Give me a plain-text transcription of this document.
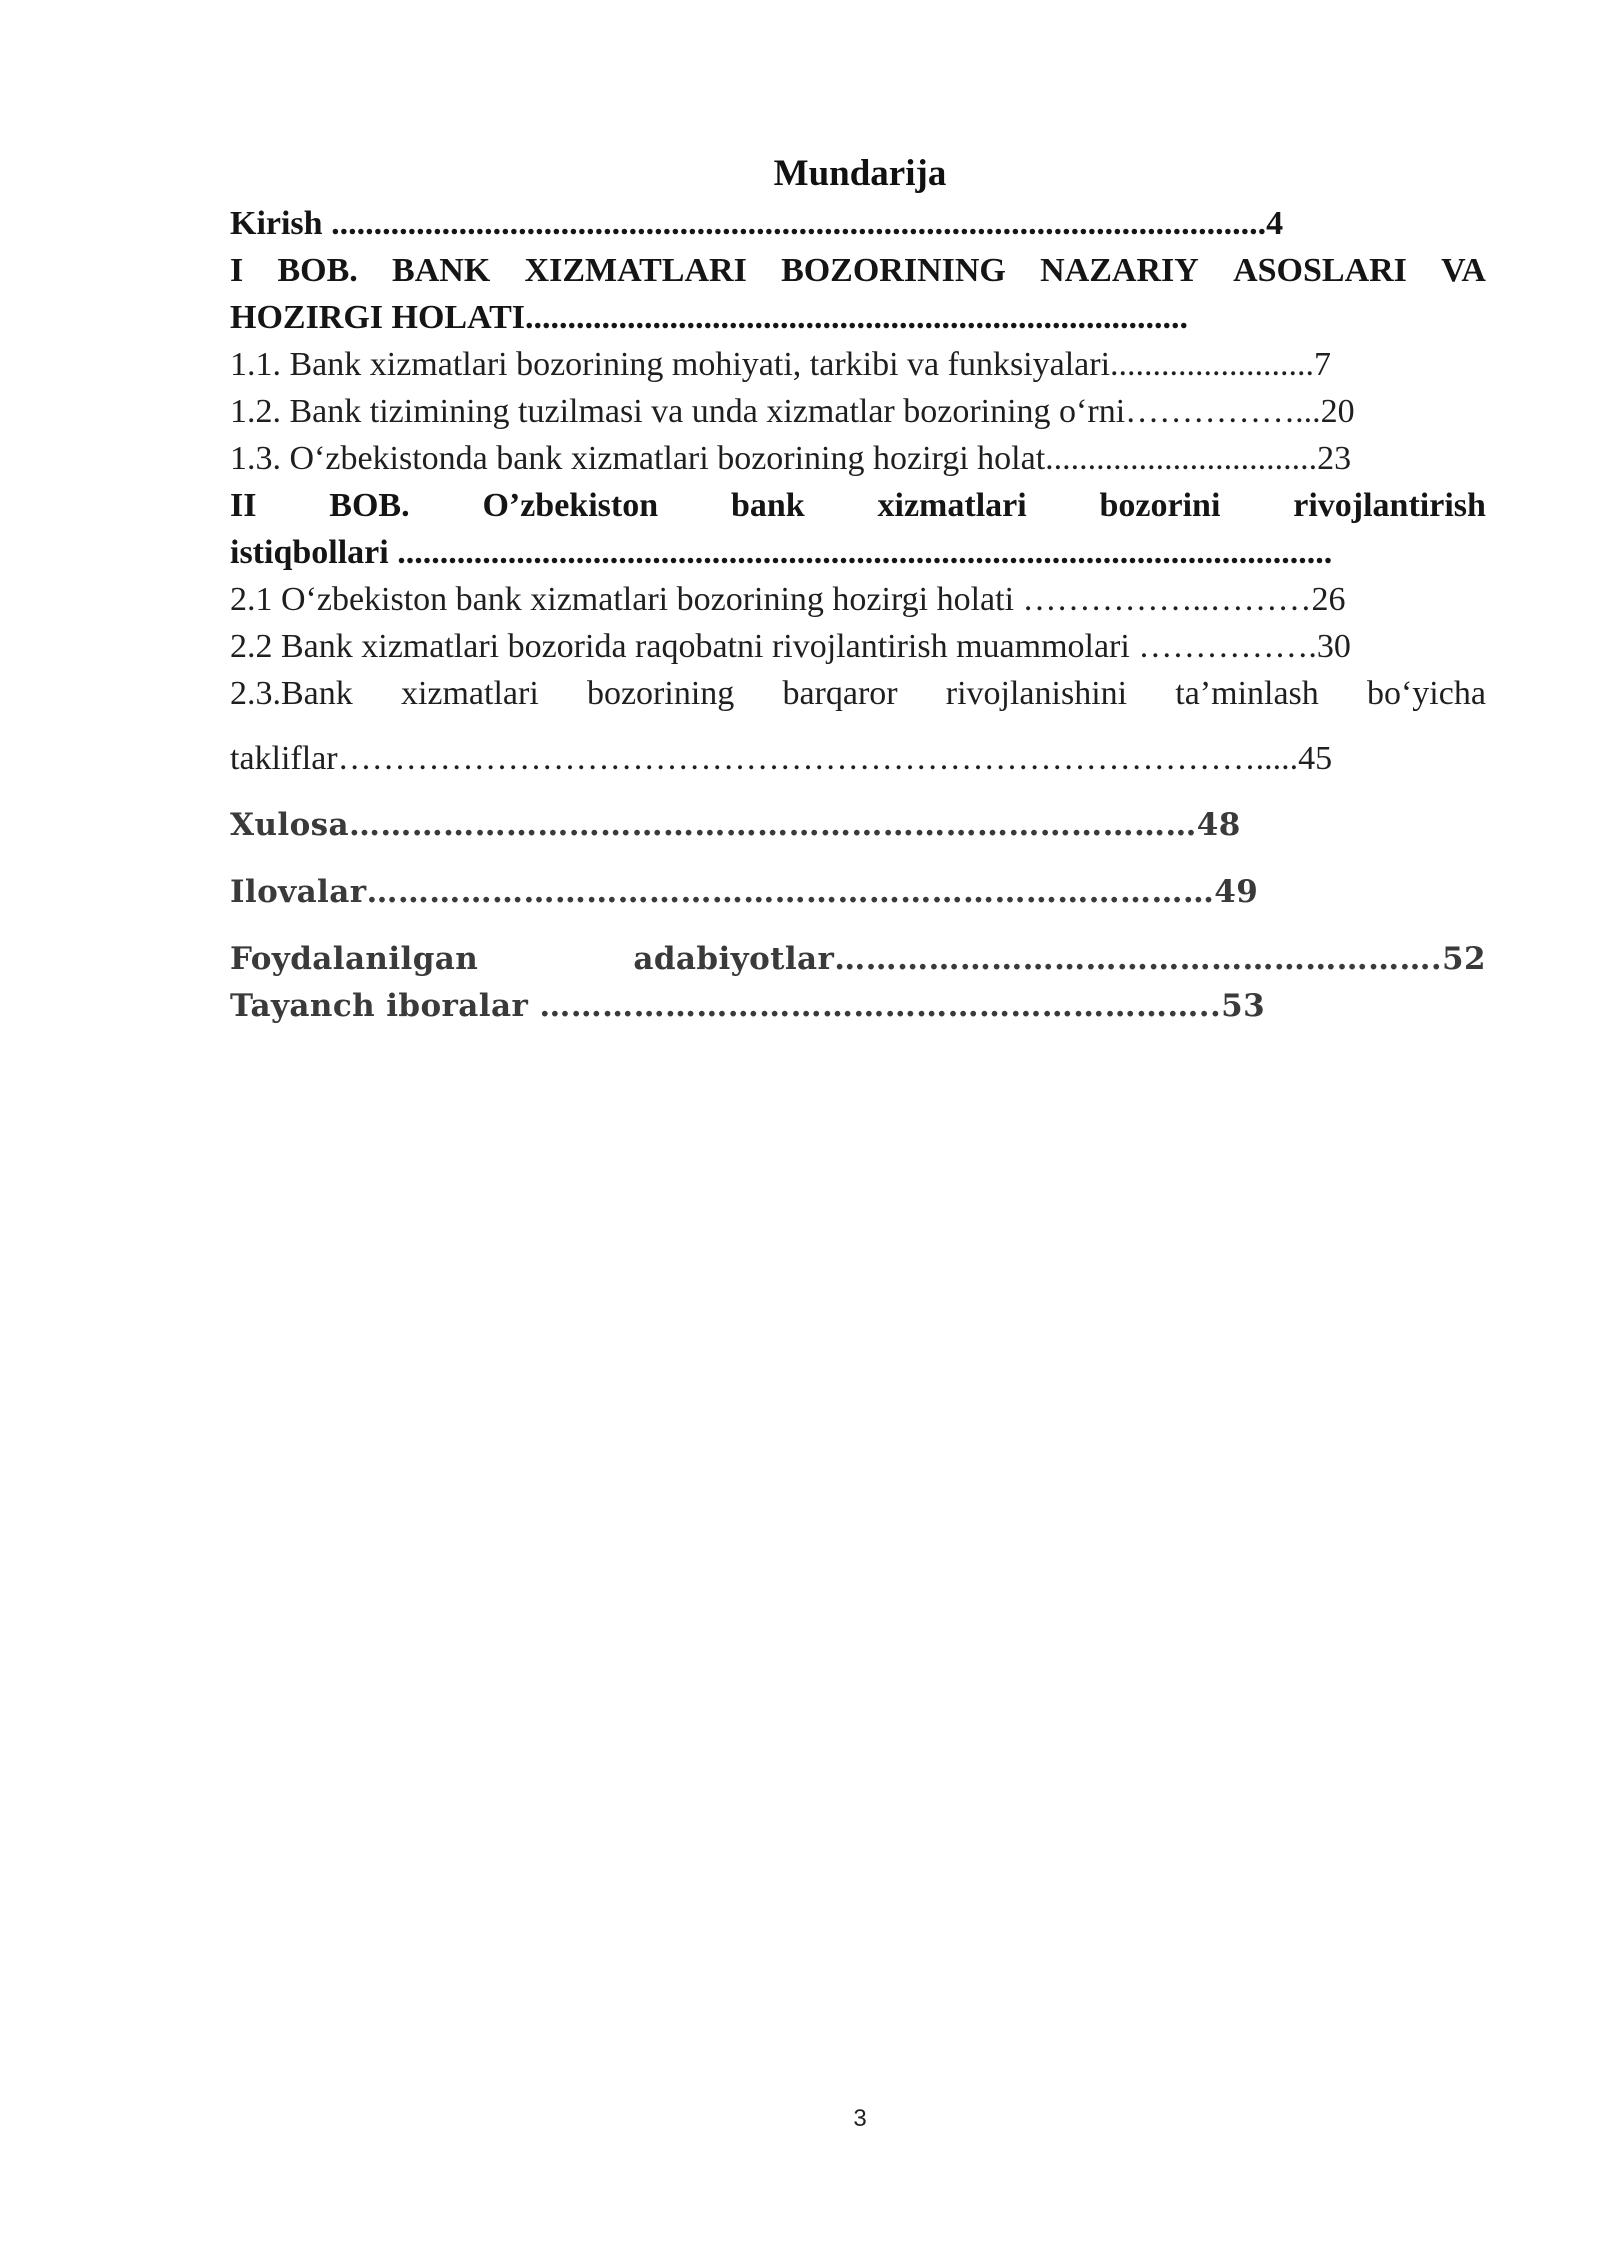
Mundarija
Kirish ..............................................................................................................4
I BOB. BANK XIZMATLARI BOZORINING NAZARIY ASOSLARI VA
HOZIRGI HOLATI..............................................................................
1.1. Bank xizmatlari bozorining mohiyati, tarkibi va funksiyalari........................7
1.2. Bank tizimining tuzilmasi va unda xizmatlar bozorining o‘rni……………...20
1.3. O‘zbekistonda bank xizmatlari bozorining hozirgi holat................................23
II BOB. O’zbekiston bank xizmatlari bozorini rivojlantirish
istiqbollari ..............................................................................................................
2.1 O‘zbekiston bank xizmatlari bozorining hozirgi holati ……………..………26
2.2 Bank xizmatlari bozorida raqobatni rivojlantirish muammolari …………….30
2.3.Bank xizmatlari bozorining barqaror rivojlanishini ta’minlash bo‘yicha
takliflar……………………………………………………………………….....45
Xulosa………………………………………………………………………48
Ilovalar………………………………………………………………………49
Foydalanilgan	adabiyotlar………………………………………………….52
Tayanch iboralar ………………………………………………………..53
3
